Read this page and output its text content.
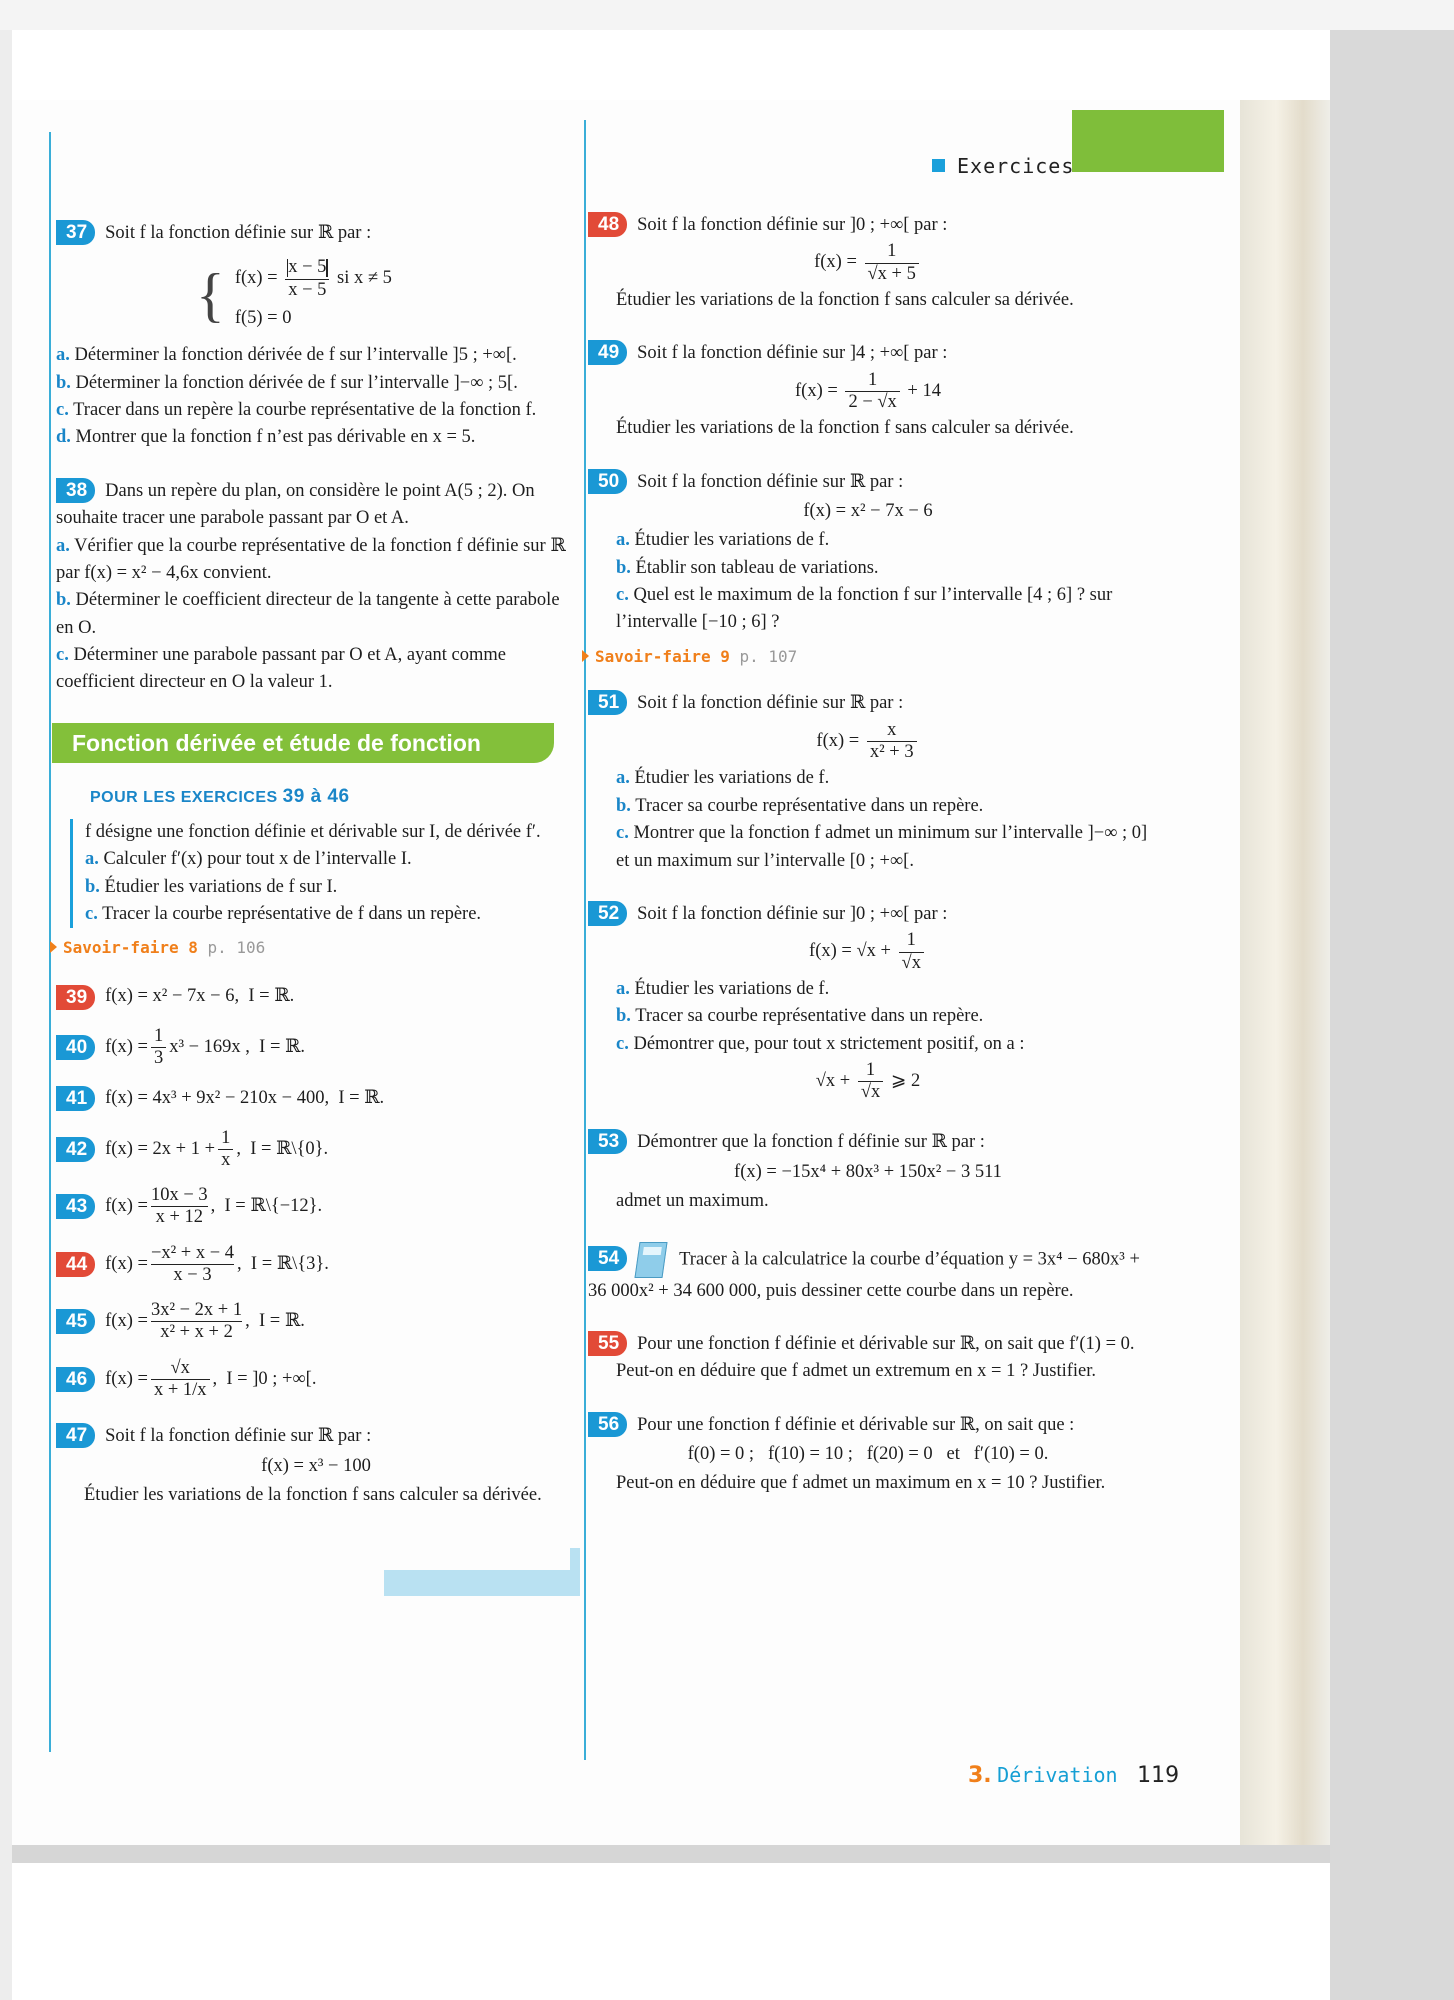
Exercices
37 Soit f la fonction définie sur ℝ par :
{ $f(x) = \frac{x - 5}{x - 5}$ si x ≠ 5
f(5) = 0
a. Déterminer la fonction dérivée de f sur l’intervalle ]5 ; +∞[.
b. Déterminer la fonction dérivée de f sur l’intervalle ]−∞ ; 5[.
c. Tracer dans un repère la courbe représentative de la fonction f.
d. Montrer que la fonction f n’est pas dérivable en x = 5.
38 Dans un repère du plan, on considère le point A(5 ; 2). On souhaite tracer une parabole passant par O et A.
a. Vérifier que la courbe représentative de la fonction f définie sur ℝ par f(x) = x² − 4,6x convient.
b. Déterminer le coefficient directeur de la tangente à cette parabole en O.
c. Déterminer une parabole passant par O et A, ayant comme coefficient directeur en O la valeur 1.
Fonction dérivée et étude de fonction
POUR LES EXERCICES 39 à 46
f désigne une fonction définie et dérivable sur I, de dérivée f′.
a. Calculer f′(x) pour tout x de l’intervalle I.
b. Étudier les variations de f sur I.
c. Tracer la courbe représentative de f dans un repère.
Savoir-faire 8 p. 106
39 f(x) = x² − 7x − 6,
I = ℝ.
40 $f(x) = \frac{1}{3} x^3 - 169x$ ,
I = ℝ.
41 f(x) = 4x³ + 9x² − 210x − 400,
I = ℝ.
42 $f(x) = 2x + 1 + \frac{1}{x}$ ,
I = ℝ\{0}.
43 $f(x) = \frac{10x - 3}{x + 12}$ ,
I = ℝ\{−12}.
44 $f(x) = \frac{\text{−x² + x − 4}}{x - 3}$ ,
I = ℝ\{3}.
45 $f(x) = \frac{\text{3x² − 2x + 1}}{\text{x² + x + 2}}$ ,
I = ℝ.
46 $f(x) = \frac{√x}{x + 1/x}$ ,
I = ]0 ; +∞[.
47 Soit f la fonction définie sur ℝ par :
f(x) = x³ − 100
Étudier les variations de la fonction f sans calculer sa dérivée.
48 Soit f la fonction définie sur ]0 ; +∞[ par :
$f(x) = \frac{1}{√x + 5}$
Étudier les variations de la fonction f sans calculer sa dérivée.
49 Soit f la fonction définie sur ]4 ; +∞[ par :
$f(x) = \frac{1}{2 - √x} + 14$
Étudier les variations de la fonction f sans calculer sa dérivée.
50 Soit f la fonction définie sur ℝ par :
f(x) = x² − 7x − 6
a. Étudier les variations de f.
b. Établir son tableau de variations.
c. Quel est le maximum de la fonction f sur l’intervalle [4 ; 6] ? sur l’intervalle [−10 ; 6] ?
Savoir-faire 9 p. 107
51 Soit f la fonction définie sur ℝ par :
$f(x) = \frac{x}{\text{x² + 3}}$
a. Étudier les variations de f.
b. Tracer sa courbe représentative dans un repère.
c. Montrer que la fonction f admet un minimum sur l’intervalle ]−∞ ; 0] et un maximum sur l’intervalle [0 ; +∞[.
52 Soit f la fonction définie sur ]0 ; +∞[ par :
$f(x) = √x + \frac{1}{√x}$
a. Étudier les variations de f.
b. Tracer sa courbe représentative dans un repère.
c. Démontrer que, pour tout x strictement positif, on a :
$√x + \frac{1}{√x}$ ⩾ 2
53 Démontrer que la fonction f définie sur ℝ par :
f(x) = −15x⁴ + 80x³ + 150x² − 3 511
admet un maximum.
54	Tracer à la calculatrice la courbe d’équation y = 3x⁴ − 680x³ + 36 000x² + 34 600 000, puis dessiner cette courbe dans un repère.
55 Pour une fonction f définie et dérivable sur ℝ, on sait que f′(1) = 0.
Peut-on en déduire que f admet un extremum en x = 1 ? Justifier.
56 Pour une fonction f définie et dérivable sur ℝ, on sait que :
f(0) = 0 ;   f(10) = 10 ;   f(20) = 0   et   f′(10) = 0.
Peut-on en déduire que f admet un maximum en x = 10 ? Justifier.
3. Dérivation 119
